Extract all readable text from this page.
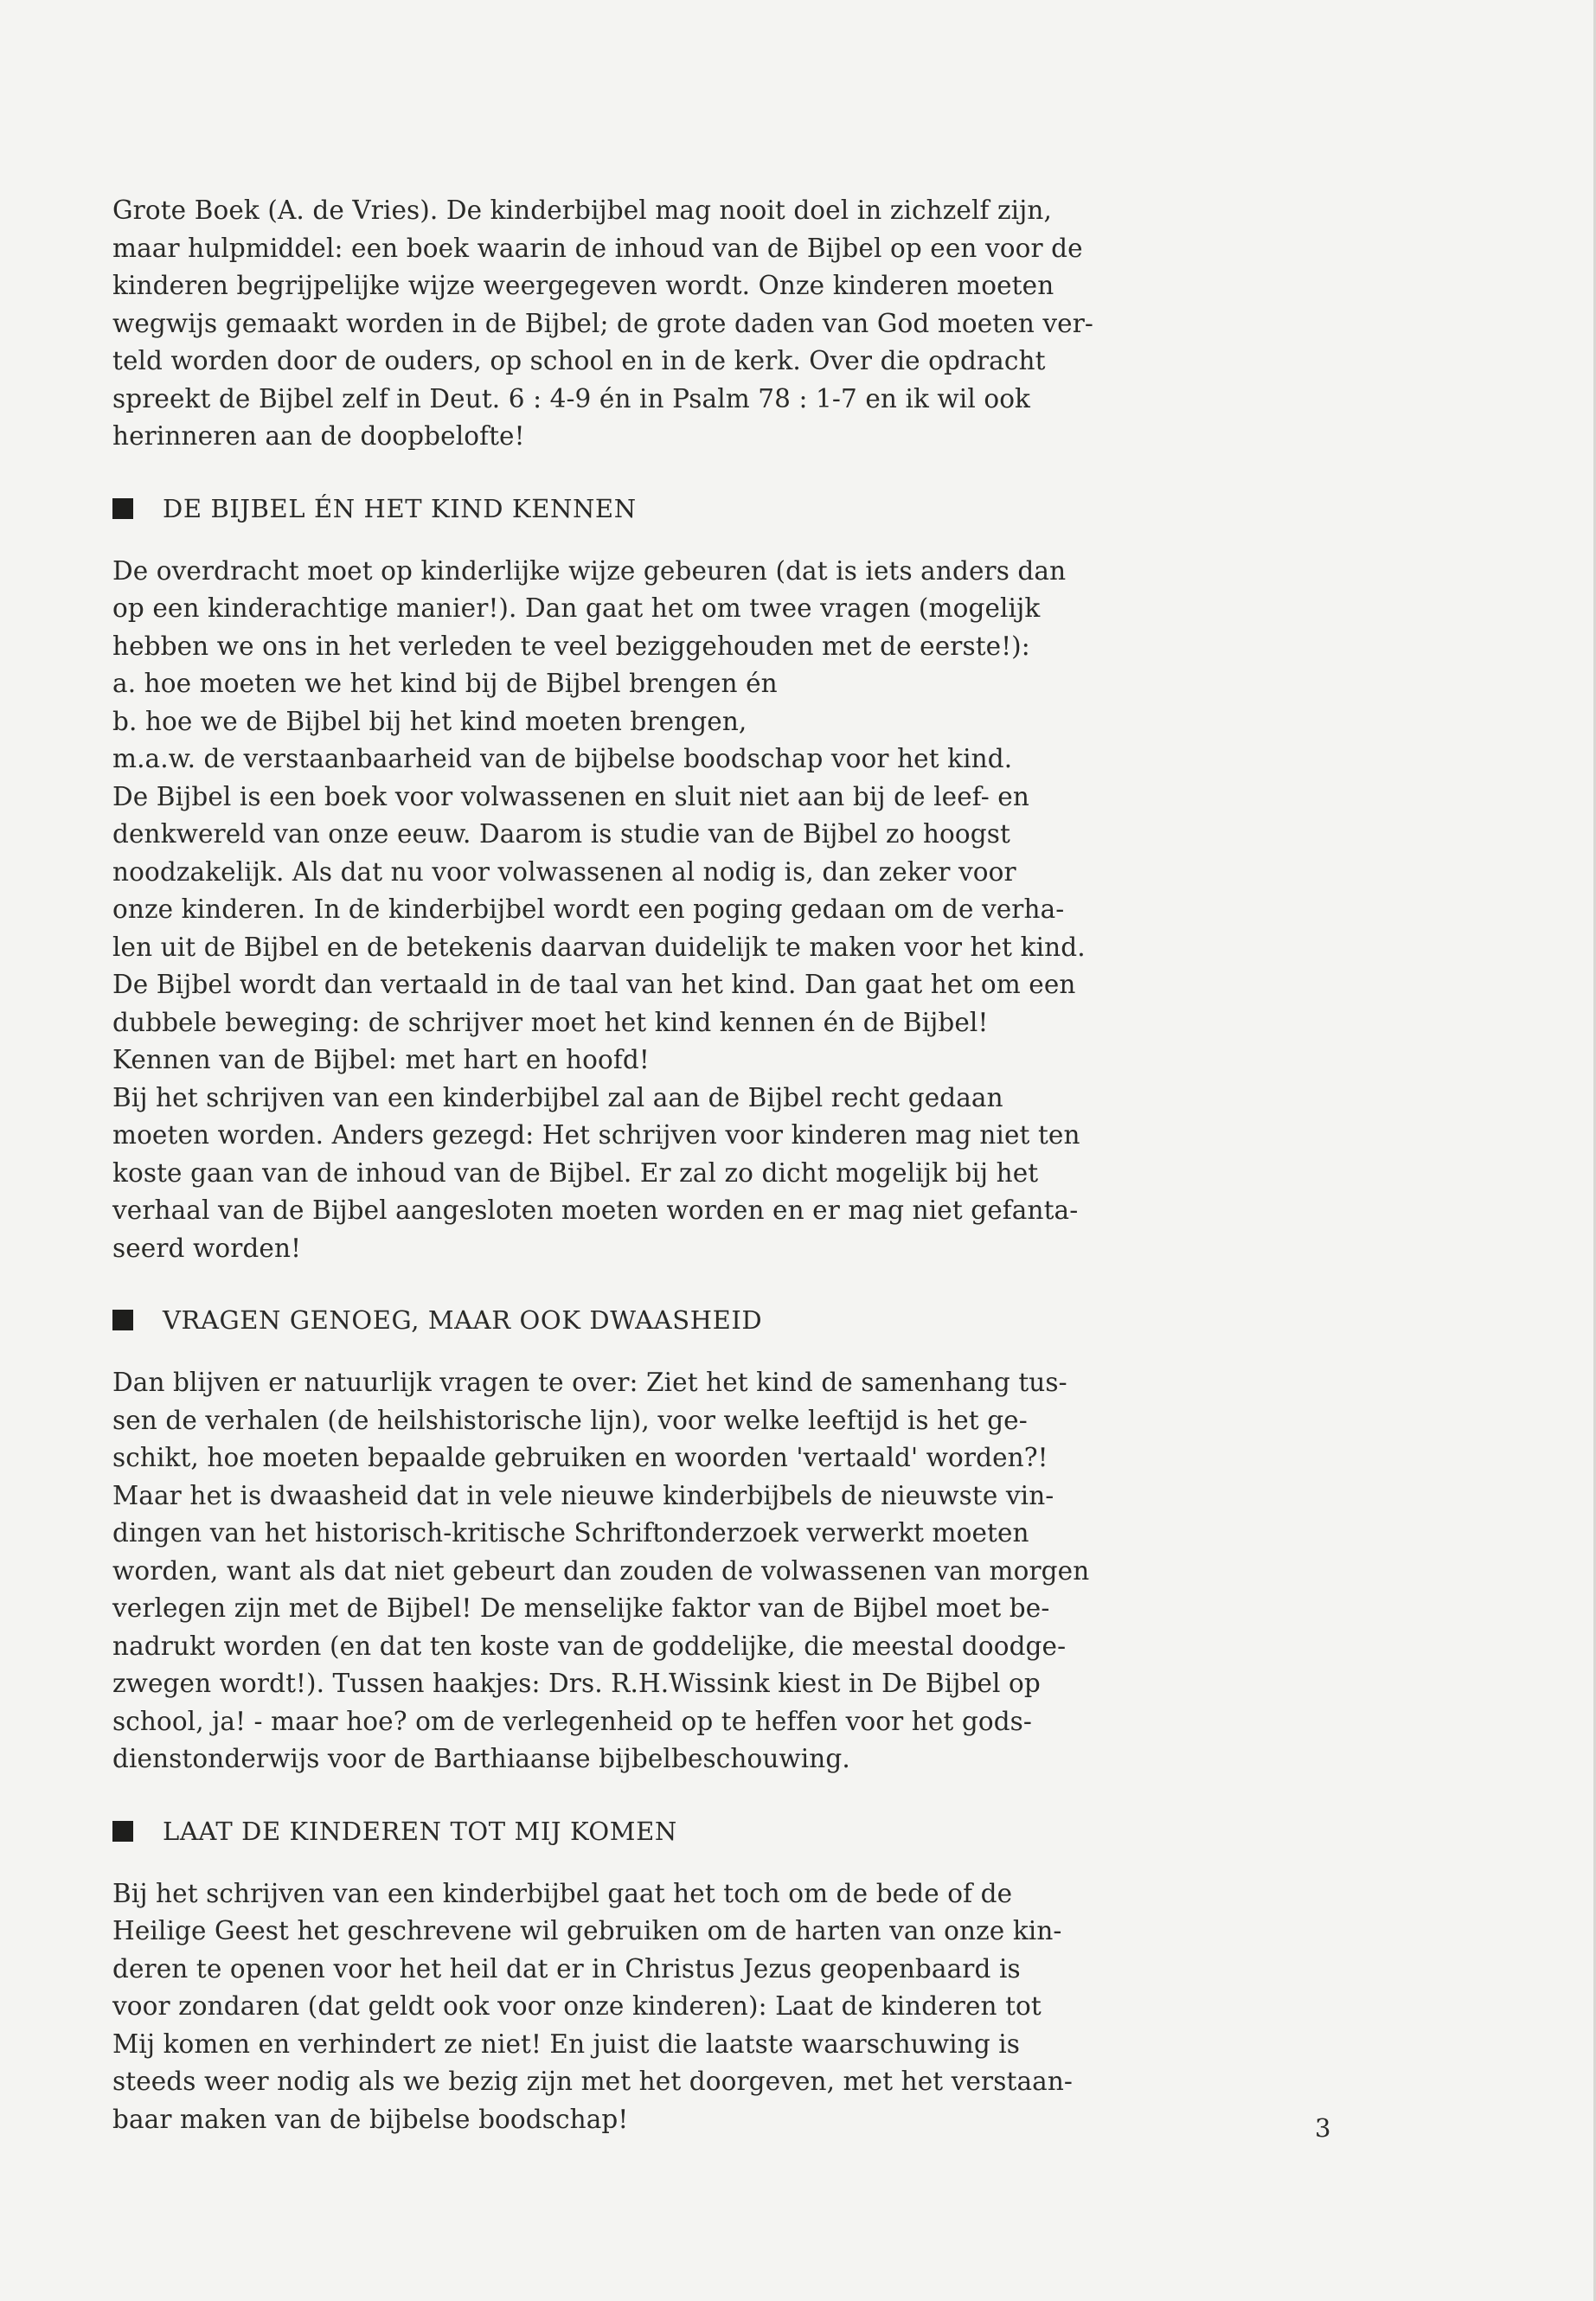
Grote Boek (A. de Vries). De kinderbijbel mag nooit doel in zichzelf zijn,
maar hulpmiddel: een boek waarin de inhoud van de Bijbel op een voor de
kinderen begrijpelijke wijze weergegeven wordt. Onze kinderen moeten
wegwijs gemaakt worden in de Bijbel; de grote daden van God moeten ver-
teld worden door de ouders, op school en in de kerk. Over die opdracht
spreekt de Bijbel zelf in Deut. 6 : 4-9 én in Psalm 78 : 1-7 en ik wil ook
herinneren aan de doopbelofte!

DE BIJBEL ÉN HET KIND KENNEN

De overdracht moet op kinderlijke wijze gebeuren (dat is iets anders dan
op een kinderachtige manier!). Dan gaat het om twee vragen (mogelijk
hebben we ons in het verleden te veel beziggehouden met de eerste!):
a. hoe moeten we het kind bij de Bijbel brengen én
b. hoe we de Bijbel bij het kind moeten brengen,
m.a.w. de verstaanbaarheid van de bijbelse boodschap voor het kind.
De Bijbel is een boek voor volwassenen en sluit niet aan bij de leef- en
denkwereld van onze eeuw. Daarom is studie van de Bijbel zo hoogst
noodzakelijk. Als dat nu voor volwassenen al nodig is, dan zeker voor
onze kinderen. In de kinderbijbel wordt een poging gedaan om de verha-
len uit de Bijbel en de betekenis daarvan duidelijk te maken voor het kind.
De Bijbel wordt dan vertaald in de taal van het kind. Dan gaat het om een
dubbele beweging: de schrijver moet het kind kennen én de Bijbel!
Kennen van de Bijbel: met hart en hoofd!
Bij het schrijven van een kinderbijbel zal aan de Bijbel recht gedaan
moeten worden. Anders gezegd: Het schrijven voor kinderen mag niet ten
koste gaan van de inhoud van de Bijbel. Er zal zo dicht mogelijk bij het
verhaal van de Bijbel aangesloten moeten worden en er mag niet gefanta-
seerd worden!

VRAGEN GENOEG, MAAR OOK DWAASHEID

Dan blijven er natuurlijk vragen te over: Ziet het kind de samenhang tus-
sen de verhalen (de heilshistorische lijn), voor welke leeftijd is het ge-
schikt, hoe moeten bepaalde gebruiken en woorden 'vertaald' worden?!
Maar het is dwaasheid dat in vele nieuwe kinderbijbels de nieuwste vin-
dingen van het historisch-kritische Schriftonderzoek verwerkt moeten
worden, want als dat niet gebeurt dan zouden de volwassenen van morgen
verlegen zijn met de Bijbel! De menselijke faktor van de Bijbel moet be-
nadrukt worden (en dat ten koste van de goddelijke, die meestal doodge-
zwegen wordt!). Tussen haakjes: Drs. R.H.Wissink kiest in De Bijbel op
school, ja! - maar hoe? om de verlegenheid op te heffen voor het gods-
dienstonderwijs voor de Barthiaanse bijbelbeschouwing.

LAAT DE KINDEREN TOT MIJ KOMEN

Bij het schrijven van een kinderbijbel gaat het toch om de bede of de
Heilige Geest het geschrevene wil gebruiken om de harten van onze kin-
deren te openen voor het heil dat er in Christus Jezus geopenbaard is
voor zondaren (dat geldt ook voor onze kinderen): Laat de kinderen tot
Mij komen en verhindert ze niet! En juist die laatste waarschuwing is
steeds weer nodig als we bezig zijn met het doorgeven, met het verstaan-
baar maken van de bijbelse boodschap!	3
